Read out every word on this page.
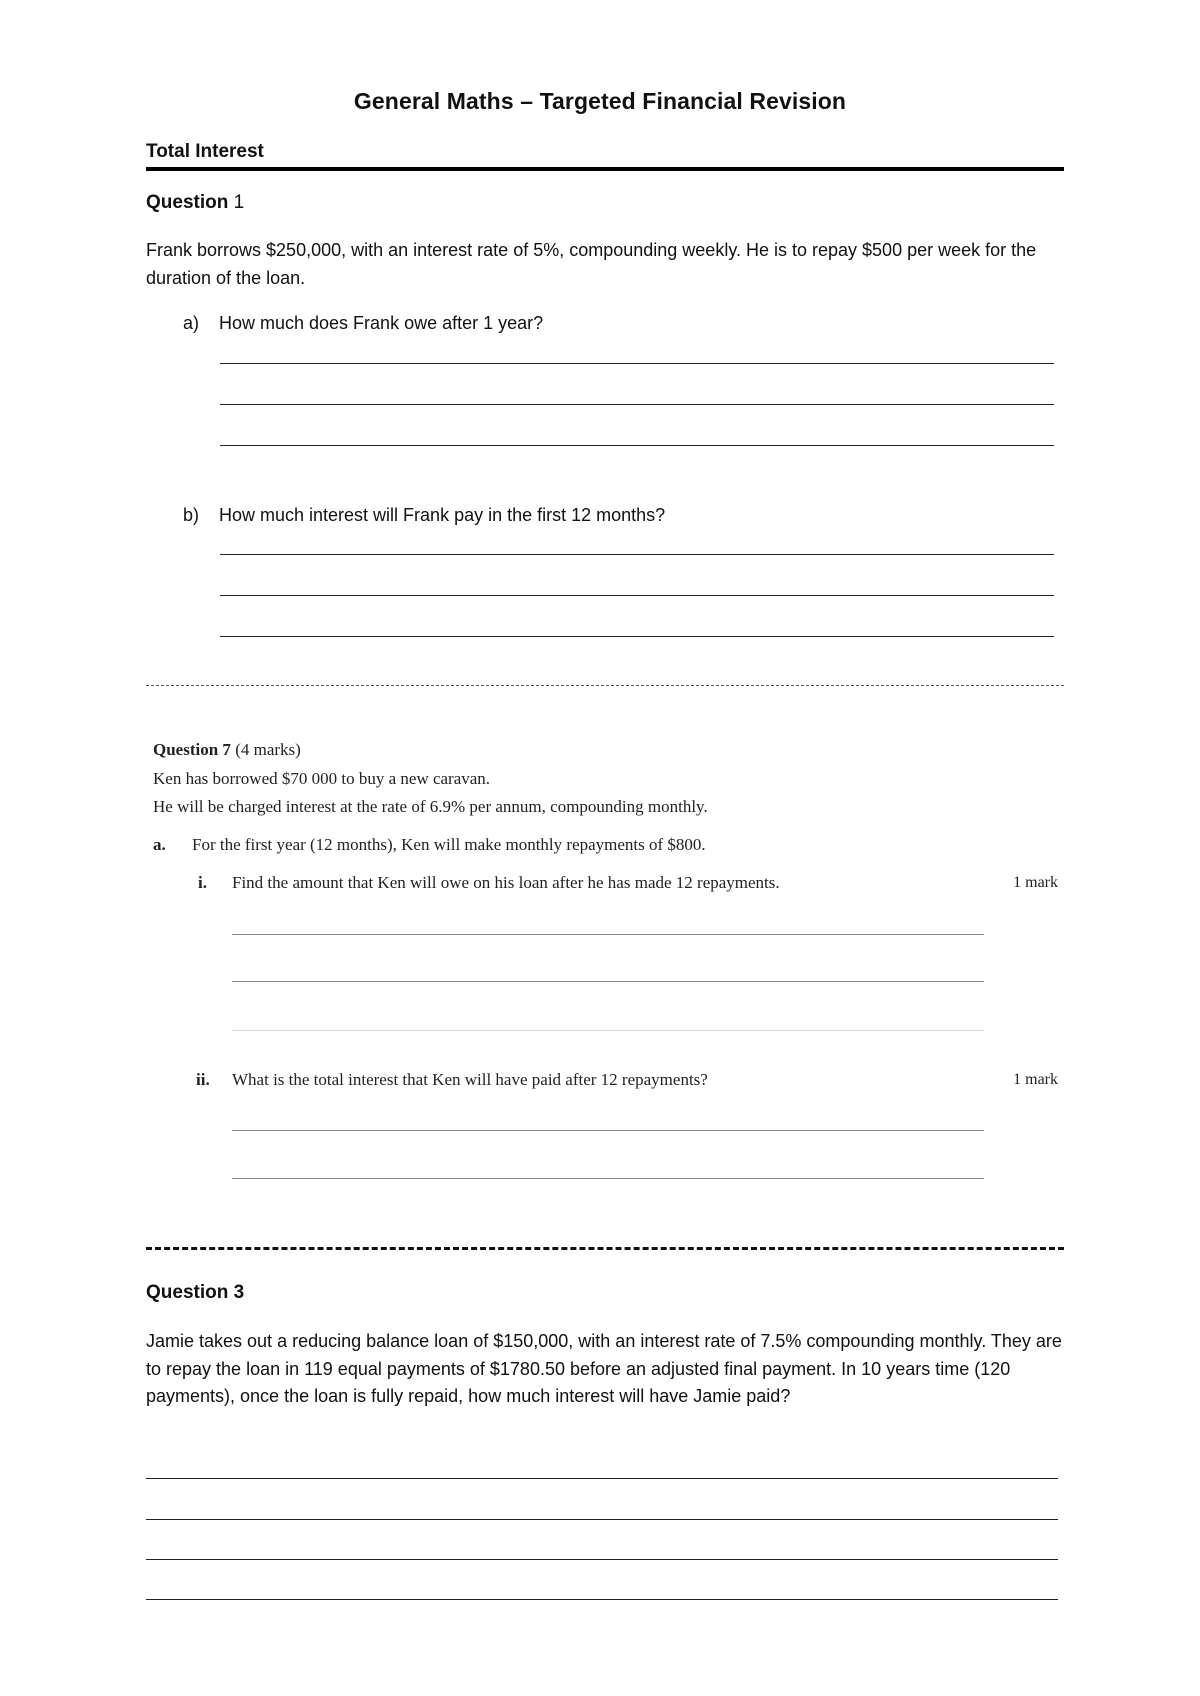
General Maths – Targeted Financial Revision
Total Interest
Question 1
Frank borrows $250,000, with an interest rate of 5%, compounding weekly. He is to repay $500 per week for the duration of the loan.
a) How much does Frank owe after 1 year?
b) How much interest will Frank pay in the first 12 months?
Question 7 (4 marks)
Ken has borrowed $70 000 to buy a new caravan.
He will be charged interest at the rate of 6.9% per annum, compounding monthly.
a. For the first year (12 months), Ken will make monthly repayments of $800.
i. Find the amount that Ken will owe on his loan after he has made 12 repayments.	1 mark
ii. What is the total interest that Ken will have paid after 12 repayments?	1 mark
Question 3
Jamie takes out a reducing balance loan of $150,000, with an interest rate of 7.5% compounding monthly. They are to repay the loan in 119 equal payments of $1780.50 before an adjusted final payment. In 10 years time (120 payments), once the loan is fully repaid, how much interest will have Jamie paid?
